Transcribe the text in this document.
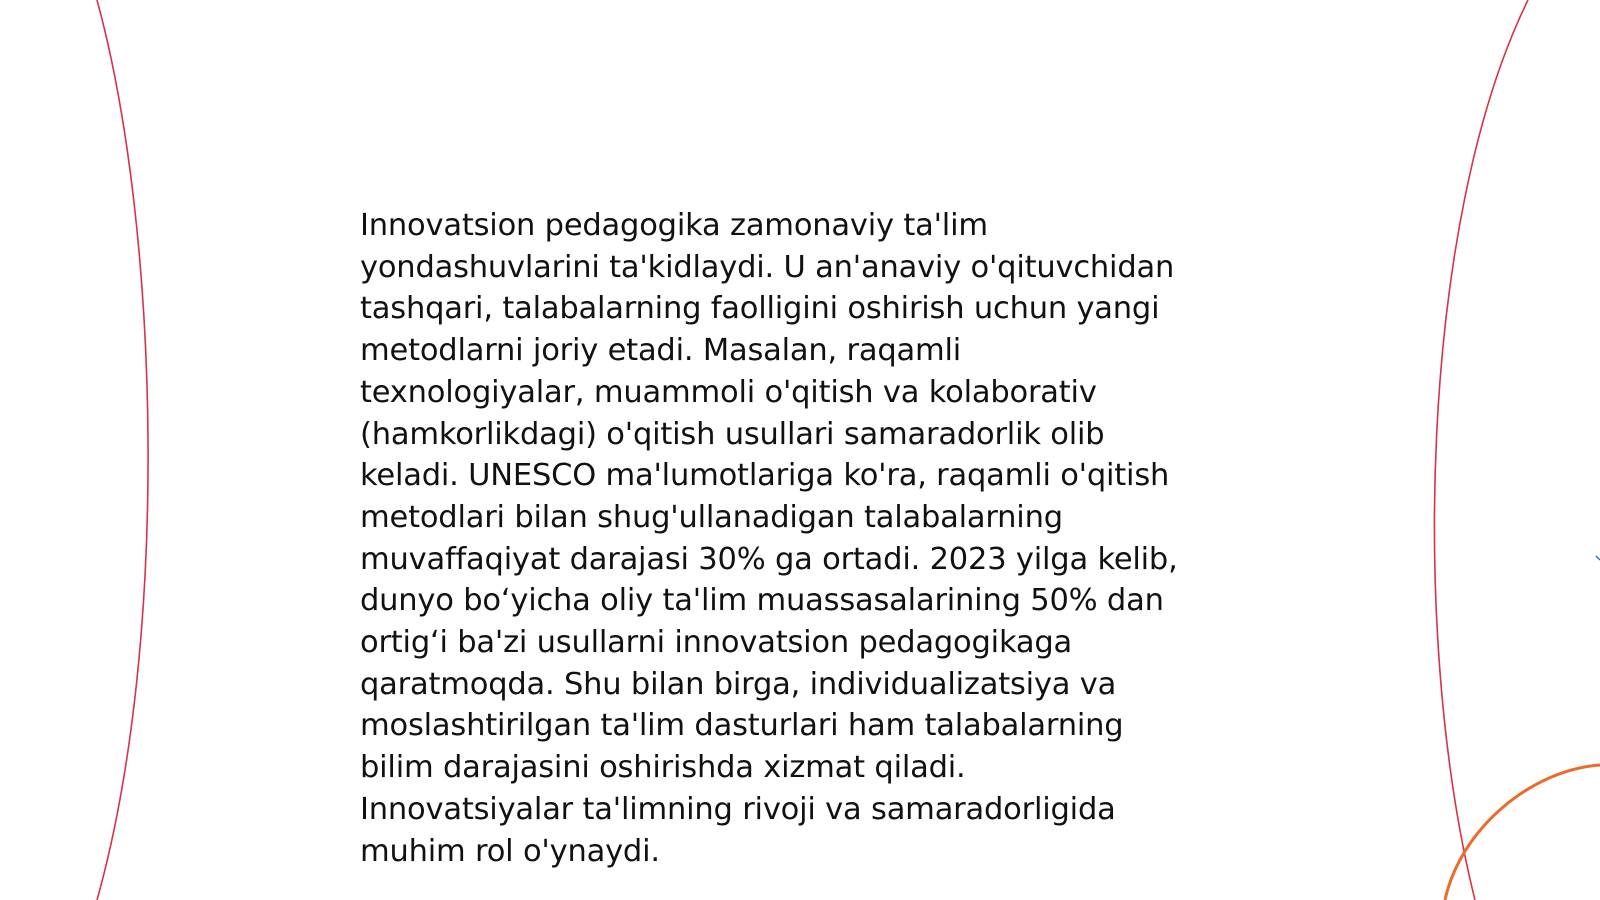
Innovatsion pedagogika zamonaviy ta'lim
yondashuvlarini ta'kidlaydi. U an'anaviy o'qituvchidan
tashqari, talabalarning faolligini oshirish uchun yangi
metodlarni joriy etadi. Masalan, raqamli
texnologiyalar, muammoli o'qitish va kolaborativ
(hamkorlikdagi) o'qitish usullari samaradorlik olib
keladi. UNESCO ma'lumotlariga ko'ra, raqamli o'qitish
metodlari bilan shug'ullanadigan talabalarning
muvaffaqiyat darajasi 30% ga ortadi. 2023 yilga kelib,
dunyo bo‘yicha oliy ta'lim muassasalarining 50% dan
ortig‘i ba'zi usullarni innovatsion pedagogikaga
qaratmoqda. Shu bilan birga, individualizatsiya va
moslashtirilgan ta'lim dasturlari ham talabalarning
bilim darajasini oshirishda xizmat qiladi.
Innovatsiyalar ta'limning rivoji va samaradorligida
muhim rol o'ynaydi.
